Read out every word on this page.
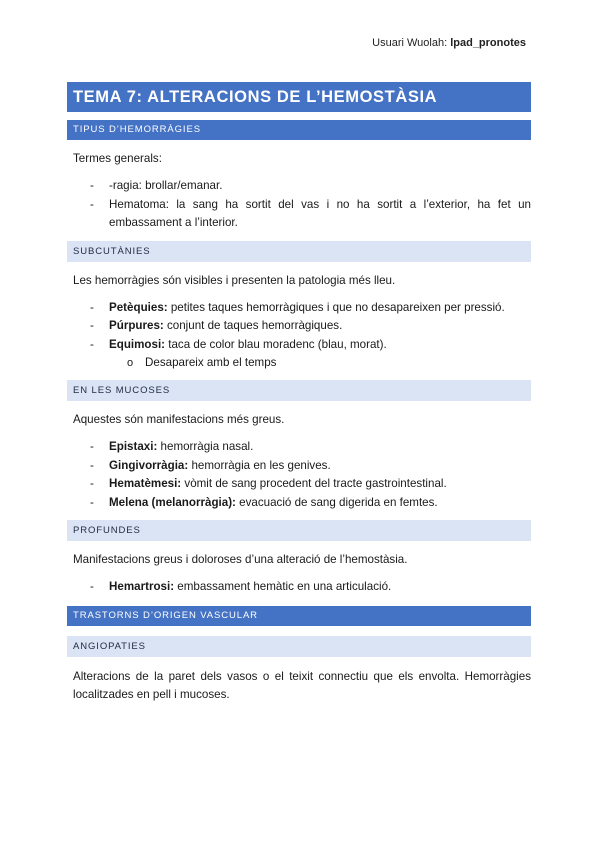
Usuari Wuolah: lpad_pronotes
TEMA 7: ALTERACIONS DE L’HEMOSTÀSIA
TIPUS D’HEMORRÀGIES

Termes generals:

- -ragia: brollar/emanar.
- Hematoma: la sang ha sortit del vas i no ha sortit a l’exterior, ha fet un embassament a l’interior.
SUBCUTÀNIES

Les hemorràgies són visibles i presenten la patologia més lleu.

- Petèquies: petites taques hemorràgiques i que no desapareixen per pressió.
- Púrpures: conjunt de taques hemorràgiques.
- Equimosi: taca de color blau moradenc (blau, morat).
o Desapareix amb el temps
EN LES MUCOSES

Aquestes són manifestacions més greus.

- Epistaxi: hemorràgia nasal.
- Gingivorràgia: hemorràgia en les genives.
- Hematèmesi: vòmit de sang procedent del tracte gastrointestinal.
- Melena (melanorràgia): evacuació de sang digerida en femtes.
PROFUNDES

Manifestacions greus i doloroses d’una alteració de l’hemostàsia.

- Hemartrosi: embassament hemàtic en una articulació.
TRASTORNS D’ORIGEN VASCULAR
ANGIOPATIES

Alteracions de la paret dels vasos o el teixit connectiu que els envolta. Hemorràgies localitzades en pell i mucoses.
